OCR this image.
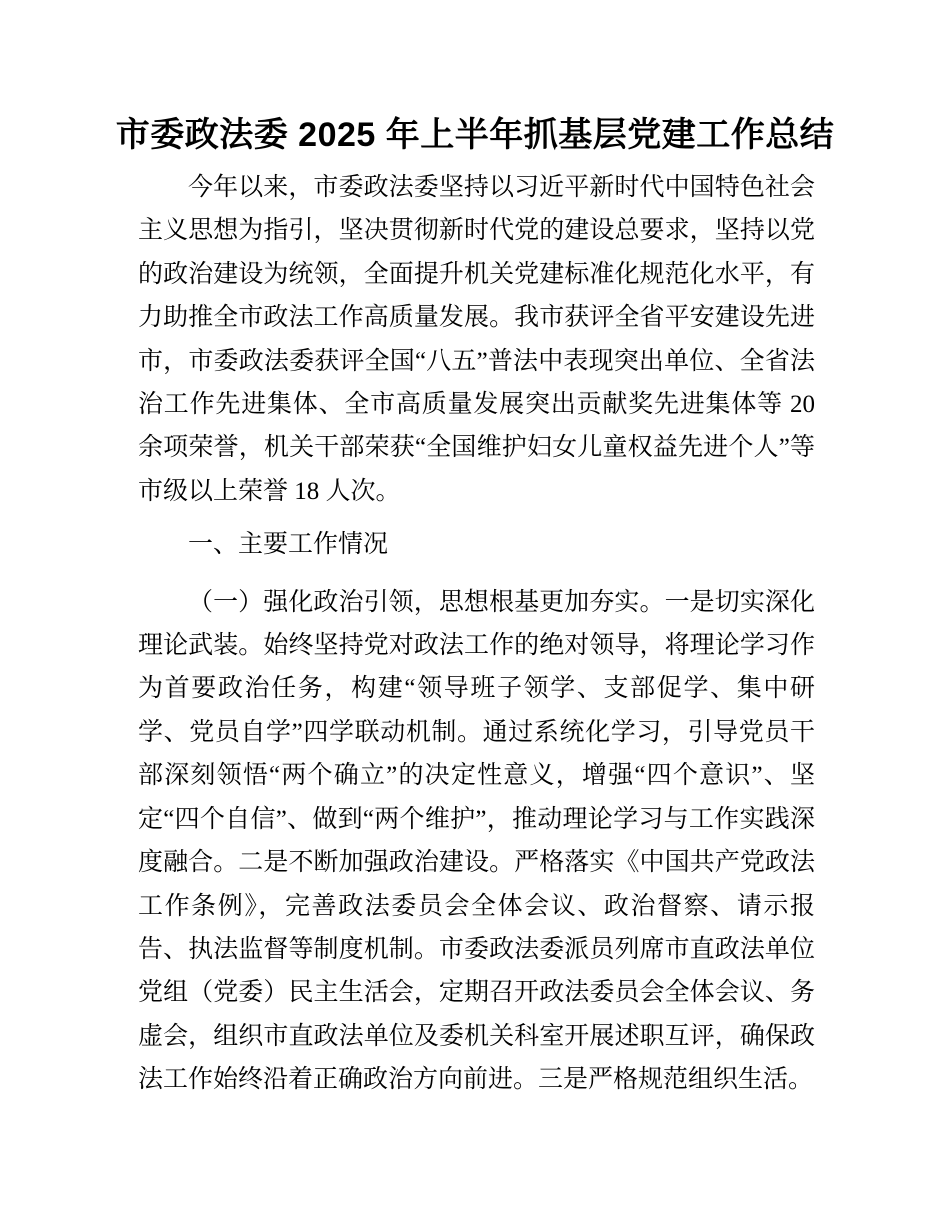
市委政法委 2025 年上半年抓基层党建工作总结

今年以来，市委政法委坚持以习近平新时代中国特色社会主义思想为指引，坚决贯彻新时代党的建设总要求，坚持以党的政治建设为统领，全面提升机关党建标准化规范化水平，有力助推全市政法工作高质量发展。我市获评全省平安建设先进市，市委政法委获评全国“八五”普法中表现突出单位、全省法治工作先进集体、全市高质量发展突出贡献奖先进集体等 20 余项荣誉，机关干部荣获“全国维护妇女儿童权益先进个人”等市级以上荣誉 18 人次。

一、主要工作情况

（一）强化政治引领，思想根基更加夯实。一是切实深化理论武装。始终坚持党对政法工作的绝对领导，将理论学习作为首要政治任务，构建“领导班子领学、支部促学、集中研学、党员自学”四学联动机制。通过系统化学习，引导党员干部深刻领悟“两个确立”的决定性意义，增强“四个意识”、坚定“四个自信”、做到“两个维护”，推动理论学习与工作实践深度融合。二是不断加强政治建设。严格落实《中国共产党政法工作条例》，完善政法委员会全体会议、政治督察、请示报告、执法监督等制度机制。市委政法委派员列席市直政法单位党组（党委）民主生活会，定期召开政法委员会全体会议、务虚会，组织市直政法单位及委机关科室开展述职互评，确保政法工作始终沿着正确政治方向前进。三是严格规范组织生活。
